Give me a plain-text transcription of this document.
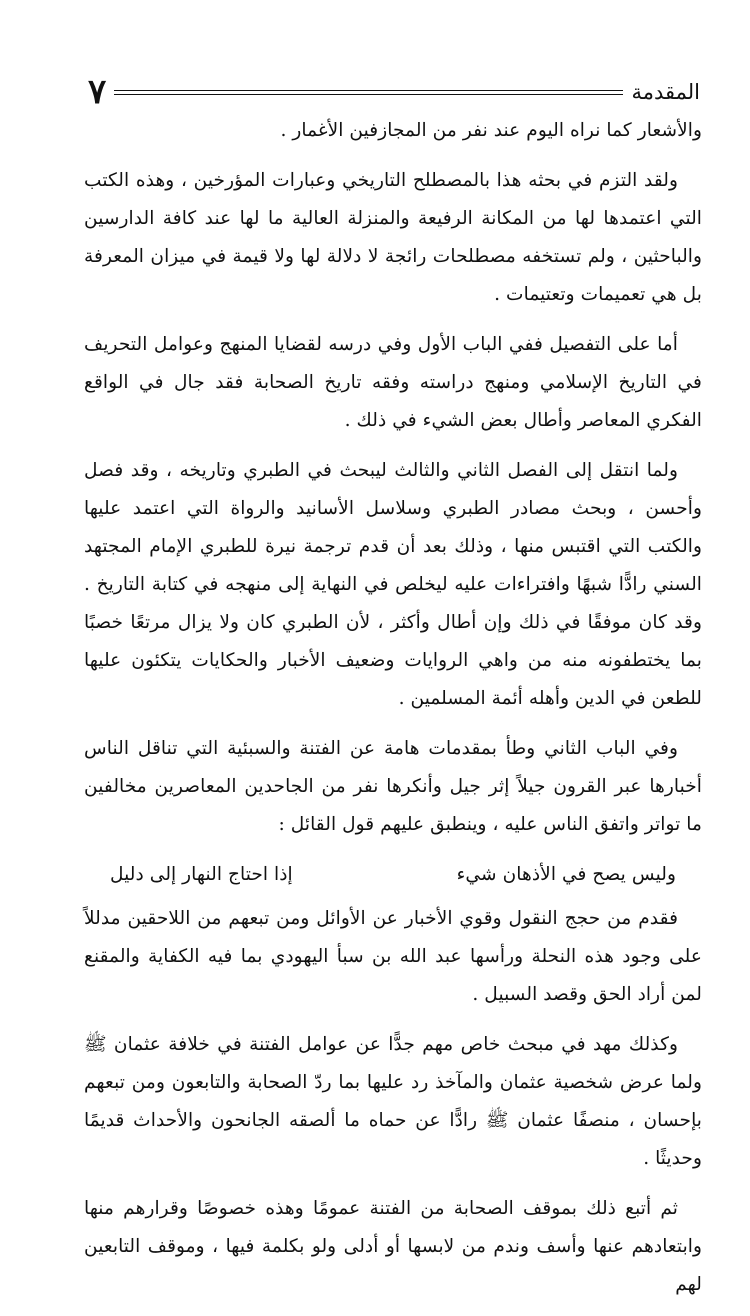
المقدمة
٧

والأشعار كما نراه اليوم عند نفر من المجازفين الأغمار .

ولقد التزم في بحثه هذا بالمصطلح التاريخي وعبارات المؤرخين ، وهذه الكتب التي اعتمدها لها من المكانة الرفيعة والمنزلة العالية ما لها عند كافة الدارسين والباحثين ، ولم تستخفه مصطلحات رائجة لا دلالة لها ولا قيمة في ميزان المعرفة بل هي تعميمات وتعتيمات .

أما على التفصيل ففي الباب الأول وفي درسه لقضايا المنهج وعوامل التحريف في التاريخ الإسلامي ومنهج دراسته وفقه تاريخ الصحابة فقد جال في الواقع الفكري المعاصر وأطال بعض الشيء في ذلك .

ولما انتقل إلى الفصل الثاني والثالث ليبحث في الطبري وتاريخه ، وقد فصل وأحسن ، وبحث مصادر الطبري وسلاسل الأسانيد والرواة التي اعتمد عليها والكتب التي اقتبس منها ، وذلك بعد أن قدم ترجمة نيرة للطبري الإمام المجتهد السني رادًّا شبهًا وافتراءات عليه ليخلص في النهاية إلى منهجه في كتابة التاريخ . وقد كان موفقًا في ذلك وإن أطال وأكثر ، لأن الطبري كان ولا يزال مرتعًا خصبًا بما يختطفونه منه من واهي الروايات وضعيف الأخبار والحكايات يتكئون عليها للطعن في الدين وأهله أئمة المسلمين .

وفي الباب الثاني وطأ بمقدمات هامة عن الفتنة والسبئية التي تناقل الناس أخبارها عبر القرون جيلاً إثر جيل وأنكرها نفر من الجاحدين المعاصرين مخالفين ما تواتر واتفق الناس عليه ، وينطبق عليهم قول القائل :

وليس يصح في الأذهان شيء
إذا احتاج النهار إلى دليل

فقدم من حجج النقول وقوي الأخبار عن الأوائل ومن تبعهم من اللاحقين مدللاً على وجود هذه النحلة ورأسها عبد الله بن سبأ اليهودي بما فيه الكفاية والمقنع لمن أراد الحق وقصد السبيل .

وكذلك مهد في مبحث خاص مهم جدًّا عن عوامل الفتنة في خلافة عثمان ﷺ ولما عرض شخصية عثمان والمآخذ رد عليها بما ردّ الصحابة والتابعون ومن تبعهم بإحسان ، منصفًا عثمان ﷺ رادًّا عن حماه ما ألصقه الجانحون والأحداث قديمًا وحديثًا .

ثم أتبع ذلك بموقف الصحابة من الفتنة عمومًا وهذه خصوصًا وقرارهم منها وابتعادهم عنها وأسف وندم من لابسها أو أدلى ولو بكلمة فيها ، وموقف التابعين لهم
